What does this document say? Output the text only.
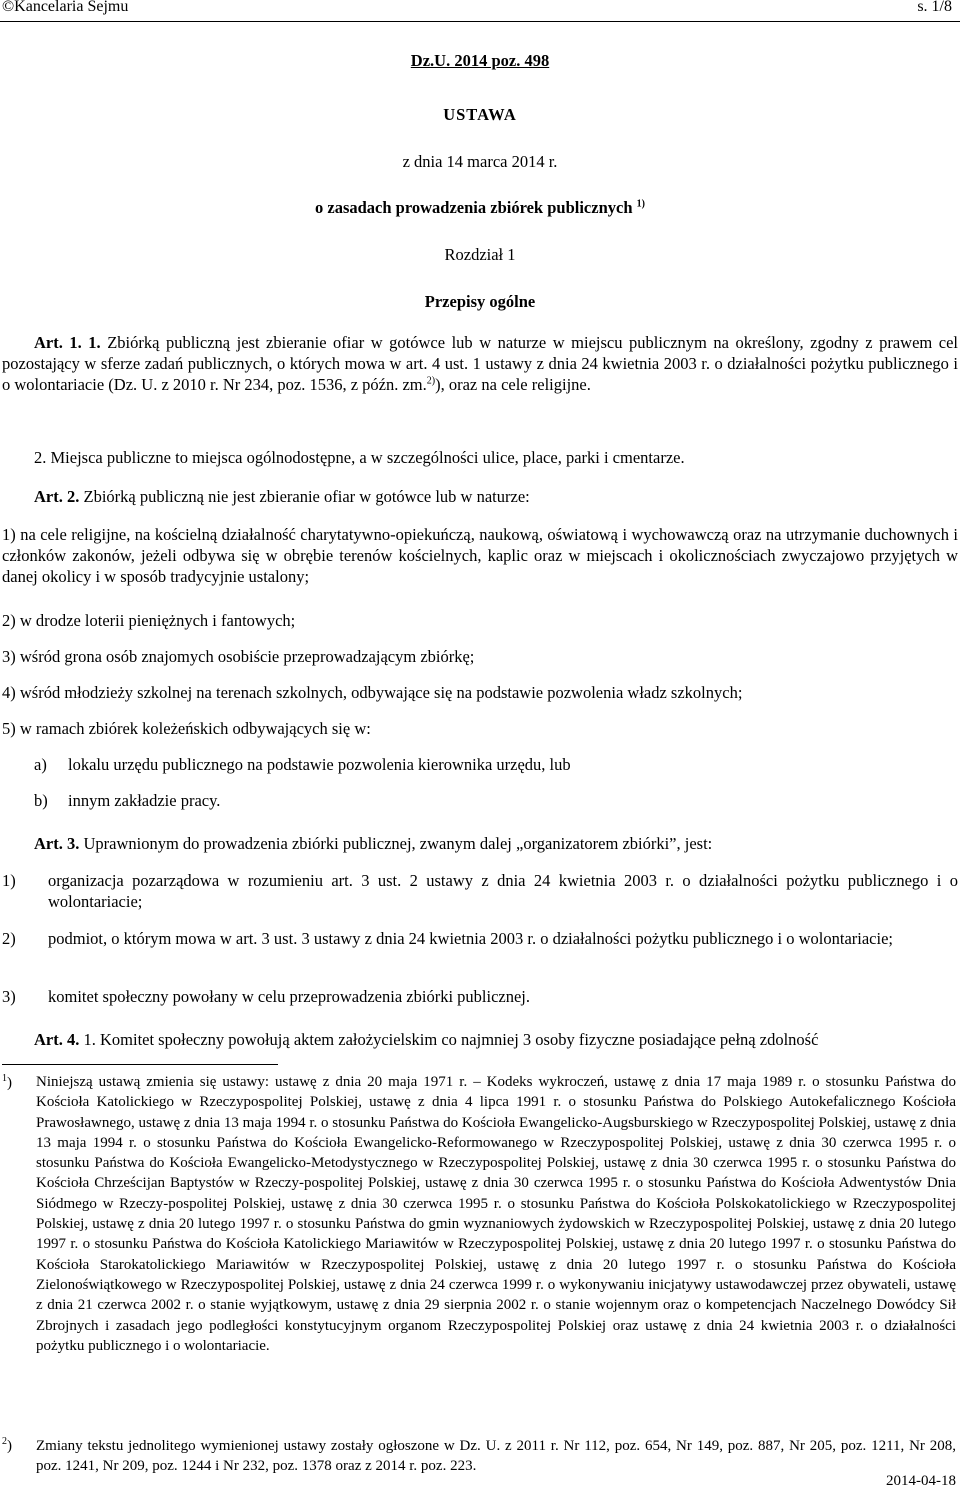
©Kancelaria Sejmu	s. 1/8
Dz.U. 2014 poz. 498
USTAWA
z dnia 14 marca 2014 r.
o zasadach prowadzenia zbiórek publicznych $^{1)}$
Rozdział 1
Przepisy ogólne
Art. 1. 1. Zbiórką publiczną jest zbieranie ofiar w gotówce lub w naturze w miejscu publicznym na określony, zgodny z prawem cel pozostający w sferze zadań publicznych, o których mowa w art. 4 ust. 1 ustawy z dnia 24 kwietnia 2003 r. o działalności pożytku publicznego i o wolontariacie (Dz. U. z 2010 r. Nr 234, poz. 1536, z późn. zm.$^{2)}$), oraz na cele religijne.
2. Miejsca publiczne to miejsca ogólnodostępne, a w szczególności ulice, place, parki i cmentarze.
Art. 2. Zbiórką publiczną nie jest zbieranie ofiar w gotówce lub w naturze:
1) na cele religijne, na kościelną działalność charytatywno-opiekuńczą, naukową, oświatową i wychowawczą oraz na utrzymanie duchownych i członków zakonów, jeżeli odbywa się w obrębie terenów kościelnych, kaplic oraz w miejscach i okolicznościach zwyczajowo przyjętych w danej okolicy i w sposób tradycyjnie ustalony;
2) w drodze loterii pieniężnych i fantowych;
3) wśród grona osób znajomych osobiście przeprowadzającym zbiórkę;
4) wśród młodzieży szkolnej na terenach szkolnych, odbywające się na podstawie pozwolenia władz szkolnych;
5) w ramach zbiórek koleżeńskich odbywających się w:
a) lokalu urzędu publicznego na podstawie pozwolenia kierownika urzędu, lub
b) innym zakładzie pracy.
Art. 3. Uprawnionym do prowadzenia zbiórki publicznej, zwanym dalej „organizatorem zbiórki”, jest:
1) organizacja pozarządowa w rozumieniu art. 3 ust. 2 ustawy z dnia 24 kwietnia 2003 r. o działalności pożytku publicznego i o wolontariacie;
2) podmiot, o którym mowa w art. 3 ust. 3 ustawy z dnia 24 kwietnia 2003 r. o działalności pożytku publicznego i o wolontariacie;
3) komitet społeczny powołany w celu przeprowadzenia zbiórki publicznej.
Art. 4. 1. Komitet społeczny powołują aktem założycielskim co najmniej 3 osoby fizyczne posiadające pełną zdolność
$^1$) Niniejszą ustawą zmienia się ustawy: ustawę z dnia 20 maja 1971 r. – Kodeks wykroczeń, ustawę z dnia 17 maja 1989 r. o stosunku Państwa do Kościoła Katolickiego w Rzeczypospolitej Polskiej, ustawę z dnia 4 lipca 1991 r. o stosunku Państwa do Polskiego Autokefalicznego Kościoła Prawosławnego, ustawę z dnia 13 maja 1994 r. o stosunku Państwa do Kościoła Ewangelicko-Augsburskiego w Rzeczypospolitej Polskiej, ustawę z dnia 13 maja 1994 r. o stosunku Państwa do Kościoła Ewangelicko-Reformowanego w Rzeczypospolitej Polskiej, ustawę z dnia 30 czerwca 1995 r. o stosunku Państwa do Kościoła Ewangelicko-Metodystycznego w Rzeczypospolitej Polskiej, ustawę z dnia 30 czerwca 1995 r. o stosunku Państwa do Kościoła Chrześcijan Baptystów w Rzeczy-pospolitej Polskiej, ustawę z dnia 30 czerwca 1995 r. o stosunku Państwa do Kościoła Adwentystów Dnia Siódmego w Rzeczy-pospolitej Polskiej, ustawę z dnia 30 czerwca 1995 r. o stosunku Państwa do Kościoła Polskokatolickiego w Rzeczypospolitej Polskiej, ustawę z dnia 20 lutego 1997 r. o stosunku Państwa do gmin wyznaniowych żydowskich w Rzeczypospolitej Polskiej, ustawę z dnia 20 lutego 1997 r. o stosunku Państwa do Kościoła Katolickiego Mariawitów w Rzeczypospolitej Polskiej, ustawę z dnia 20 lutego 1997 r. o stosunku Państwa do Kościoła Starokatolickiego Mariawitów w Rzeczypospolitej Polskiej, ustawę z dnia 20 lutego 1997 r. o stosunku Państwa do Kościoła Zielonoświątkowego w Rzeczypospolitej Polskiej, ustawę z dnia 24 czerwca 1999 r. o wykonywaniu inicjatywy ustawodawczej przez obywateli, ustawę z dnia 21 czerwca 2002 r. o stanie wyjątkowym, ustawę z dnia 29 sierpnia 2002 r. o stanie wojennym oraz o kompetencjach Naczelnego Dowódcy Sił Zbrojnych i zasadach jego podległości konstytucyjnym organom Rzeczypospolitej Polskiej oraz ustawę z dnia 24 kwietnia 2003 r. o działalności pożytku publicznego i o wolontariacie.
$^2$) Zmiany tekstu jednolitego wymienionej ustawy zostały ogłoszone w Dz. U. z 2011 r. Nr 112, poz. 654, Nr 149, poz. 887, Nr 205, poz. 1211, Nr 208, poz. 1241, Nr 209, poz. 1244 i Nr 232, poz. 1378 oraz z 2014 r. poz. 223.
2014-04-18
